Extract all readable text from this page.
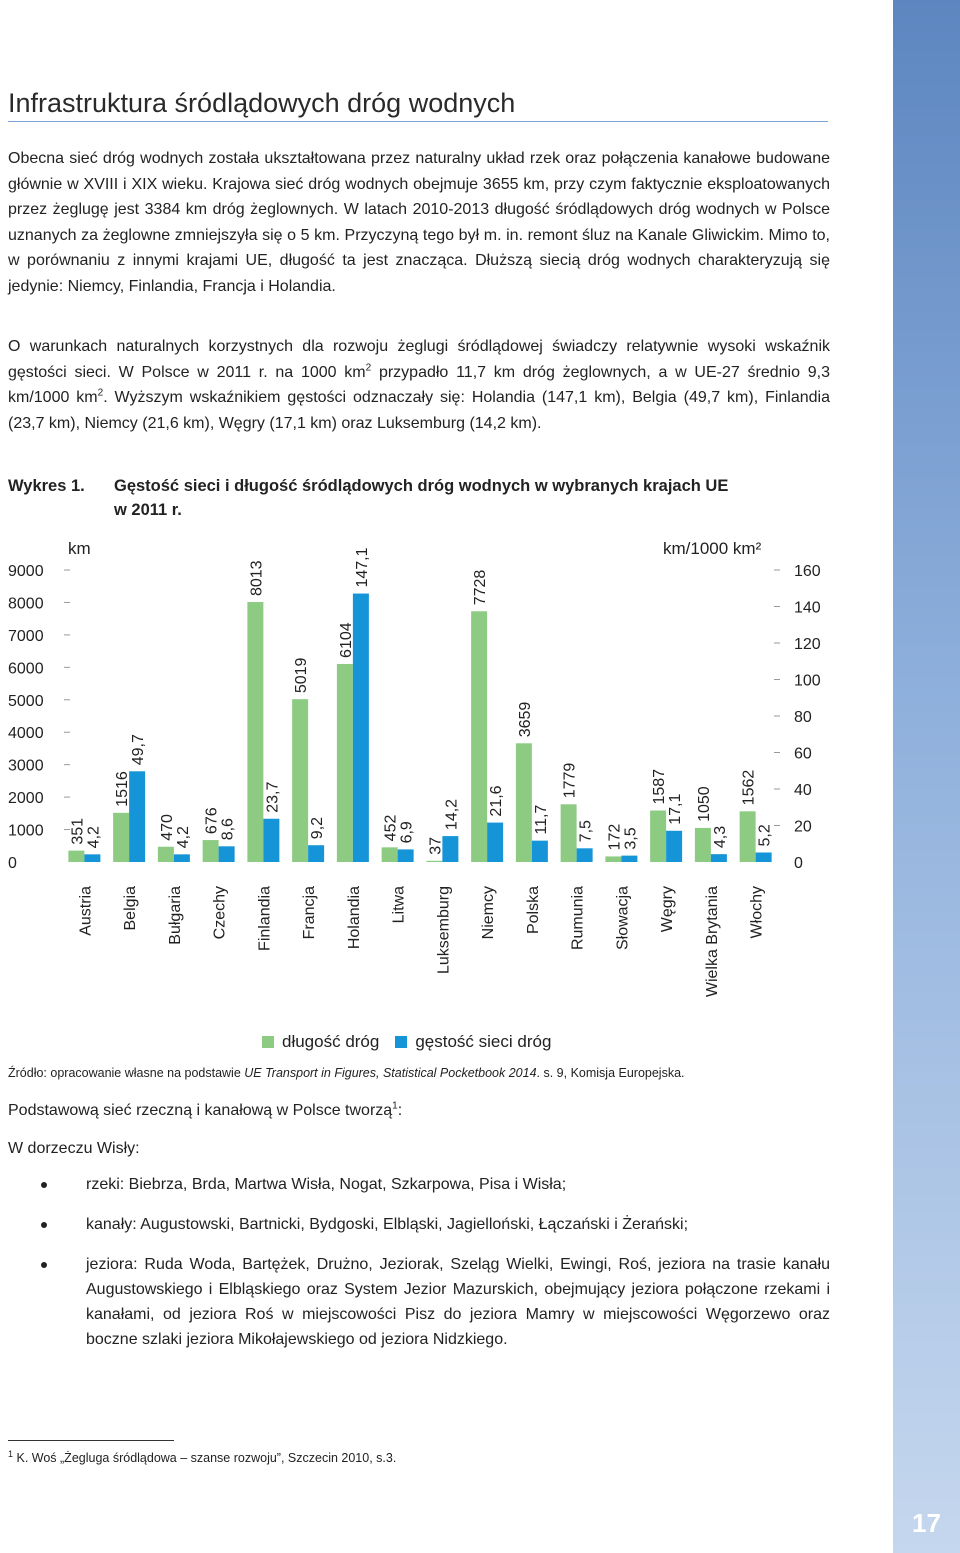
17
Infrastruktura śródlądowych dróg wodnych

Obecna sieć dróg wodnych została ukształtowana przez naturalny układ rzek oraz połączenia kanałowe budowane głównie w XVIII i XIX wieku. Krajowa sieć dróg wodnych obejmuje 3655 km, przy czym faktycznie eksploatowanych przez żeglugę jest 3384 km dróg żeglownych. W latach 2010-2013 długość śródlądowych dróg wodnych w Polsce uznanych za żeglowne zmniejszyła się o 5 km. Przyczyną tego był m. in. remont śluz na Kanale Gliwickim. Mimo to, w porównaniu z innymi krajami UE, długość ta jest znacząca. Dłuższą siecią dróg wodnych charakteryzują się jedynie: Niemcy, Finlandia, Francja i Holandia.

O warunkach naturalnych korzystnych dla rozwoju żeglugi śródlądowej świadczy relatywnie wysoki wskaźnik gęstości sieci. W Polsce w 2011 r. na 1000 $km^2$ przypadło 11,7 km dróg żeglownych, a w UE-27 średnio 9,3 km/1000 $km^2$. Wyższym wskaźnikiem gęstości odznaczały się: Holandia (147,1 km), Belgia (49,7 km), Finlandia (23,7 km), Niemcy (21,6 km), Węgry (17,1 km) oraz Luksemburg (14,2 km).

Wykres 1. Gęstość sieci i długość śródlądowych dróg wodnych w wybranych krajach UE
w 2011 r.
0
1000
2000
3000
4000
5000
6000
7000
8000
9000
0
20
40
60
80
100
120
140
160
km	km/1000 km²
351 4,2
Austria
1516
49,7
Belgia
470 4,2
Bułgaria
676 8,6
Czechy
8013
23,7
Finlandia
5019
9,2
Francja
6104
147,1
Holandia
452 6,9
Litwa
37
14,2
Luksemburg
7728
21,6
Niemcy
3659
11,7
Polska
1779
7,5
Rumunia
172 3,5
Słowacja
1587
17,1
Węgry
1050
4,3
Wielka Brytania
1562
5,2
Włochy
długość dróg gęstość sieci dróg
Źródło: opracowanie własne na podstawie UE Transport in Figures, Statistical Pocketbook 2014. s. 9, Komisja Europejska.

Podstawową sieć rzeczną i kanałową w Polsce tworzą$^1$:

W dorzeczu Wisły:

rzeki: Biebrza, Brda, Martwa Wisła, Nogat, Szkarpowa, Pisa i Wisła;
kanały: Augustowski, Bartnicki, Bydgoski, Elbląski, Jagielloński, Łączański i Żerański;
jeziora: Ruda Woda, Bartężek, Drużno, Jeziorak, Szeląg Wielki, Ewingi, Roś, jeziora na trasie kanału Augustowskiego i Elbląskiego oraz System Jezior Mazurskich, obejmujący jeziora połączone rzekami i kanałami, od jeziora Roś w miejscowości Pisz do jeziora Mamry w miejscowości Węgorzewo oraz boczne szlaki jeziora Mikołajewskiego od jeziora Nidzkiego.
$^1$ K. Woś „Żegluga śródlądowa – szanse rozwoju”, Szczecin 2010, s.3.
